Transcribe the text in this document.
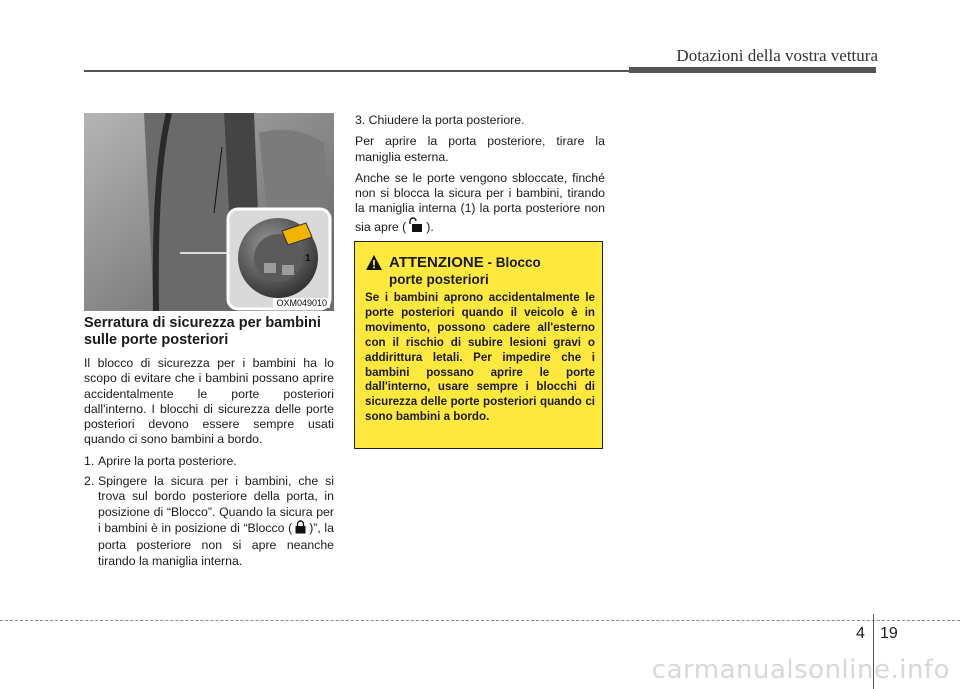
Dotazioni della vostra vettura
1
OXM049010
Serratura di sicurezza per bambini sulle porte posteriori
Il blocco di sicurezza per i bambini ha lo scopo di evitare che i bambini possano aprire accidentalmente le porte posteriori dall'interno. I blocchi di sicurezza delle porte posteriori devono essere sempre usati quando ci sono bambini a bordo.
1. Aprire la porta posteriore.
2. Spingere la sicura per i bambini, che si trova sul bordo posteriore della porta, in posizione di “Blocco”. Quando la sicura per i bambini è in posizione di “Blocco ( )”, la porta posteriore non si apre neanche tirando la maniglia interna.
3. Chiudere la porta posteriore.
Per aprire la porta posteriore, tirare la maniglia esterna.
Anche se le porte vengono sbloccate, finché non si blocca la sicura per i bambini, tirando la maniglia interna (1) la porta posteriore non sia apre ( ).
ATTENZIONE - Blocco
porte posteriori
Se i bambini aprono accidentalmente le porte posteriori quando il veicolo è in movimento, possono cadere all'esterno con il rischio di subire lesioni gravi o addirittura letali. Per impedire che i bambini possano aprire le porte dall'interno, usare sempre i blocchi di sicurezza delle porte posteriori quando ci sono bambini a bordo.
4 19
carmanualsonline.info
